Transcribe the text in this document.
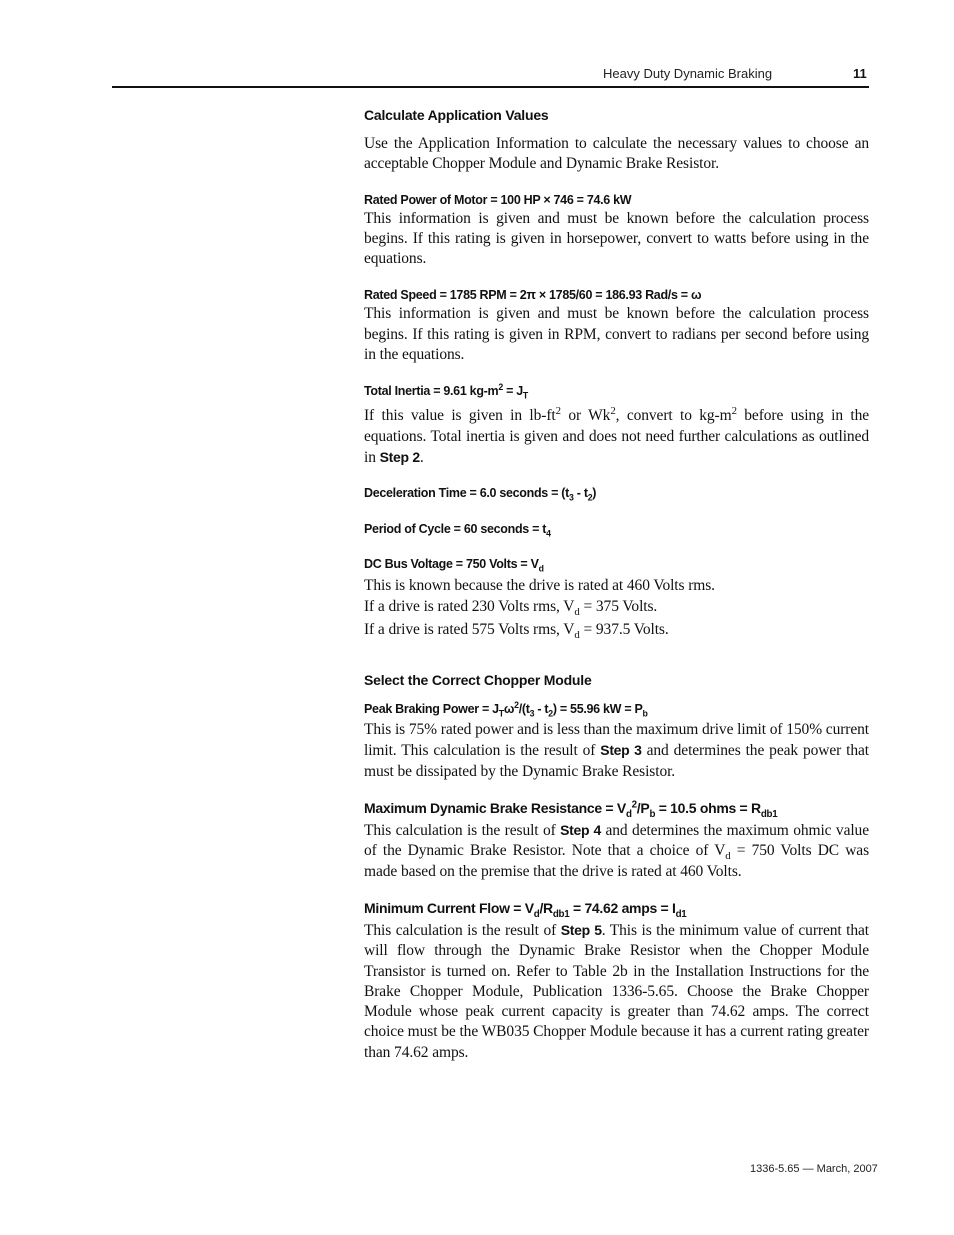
Heavy Duty Dynamic Braking	11
Calculate Application Values

Use the Application Information to calculate the necessary values to choose an acceptable Chopper Module and Dynamic Brake Resistor.

Rated Power of Motor = 100 HP × 746 = 74.6 kW

This information is given and must be known before the calculation process begins. If this rating is given in horsepower, convert to watts before using in the equations.

Rated Speed = 1785 RPM = 2π × 1785/60 = 186.93 Rad/s = ω

This information is given and must be known before the calculation process begins. If this rating is given in RPM, convert to radians per second before using in the equations.

Total Inertia = 9.61 $kg-m^2 = J_T$

If this value is given in $lb-ft^2$ or Wk$^2$, convert to $kg-m^2$ before using in the equations. Total inertia is given and does not need further calculations as outlined in Step 2.

Deceleration Time = 6.0 seconds = $(t_3 - t_2)$
Period of Cycle = 60 seconds = $t_4$
DC Bus Voltage = 750 Volts = $V_d$

This is known because the drive is rated at 460 Volts rms.

If a drive is rated 230 Volts rms, $V_d = 375$ Volts.

If a drive is rated 575 Volts rms, $V_d = 937.5$ Volts.

Select the Correct Chopper Module
Peak Braking Power = $J_T\omega^2/(t_3 - t_2) = 55.96$ kW = $P_b$

This is 75% rated power and is less than the maximum drive limit of 150% current limit. This calculation is the result of Step 3 and determines the peak power that must be dissipated by the Dynamic Brake Resistor.

Maximum Dynamic Brake Resistance = $V_d^2/P_b = 10.5$ ohms = $R_{db1}$

This calculation is the result of Step 4 and determines the maximum ohmic value of the Dynamic Brake Resistor. Note that a choice of $V_d = 750$ Volts DC was made based on the premise that the drive is rated at 460 Volts.

Minimum Current Flow = $V_d/R_{db1} = 74.62$ amps = $I_{d1}$

This calculation is the result of Step 5. This is the minimum value of current that will flow through the Dynamic Brake Resistor when the Chopper Module Transistor is turned on. Refer to Table 2b in the Installation Instructions for the Brake Chopper Module, Publication 1336-5.65. Choose the Brake Chopper Module whose peak current capacity is greater than 74.62 amps. The correct choice must be the WB035 Chopper Module because it has a current rating greater than 74.62 amps.

1336-5.65 — March, 2007
